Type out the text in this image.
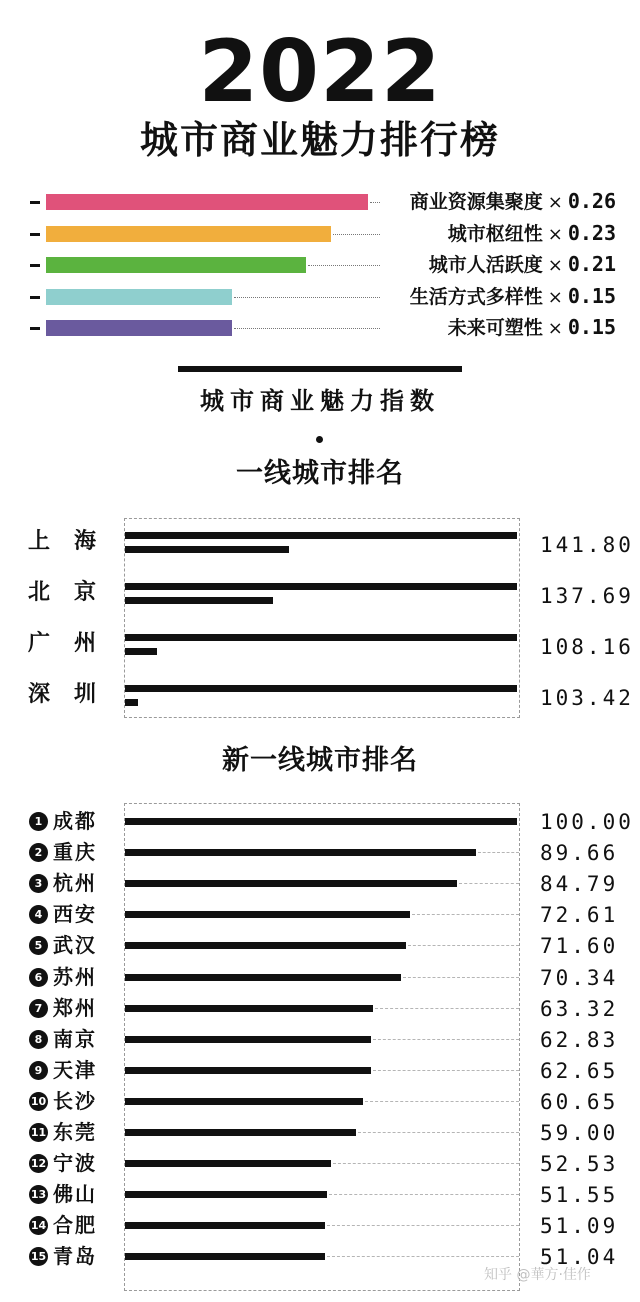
2022
城市商业魅力排行榜
商业资源集聚度 × 0.26
城市枢纽性 × 0.23
城市人活跃度 × 0.21
生活方式多样性 × 0.15
未来可塑性 × 0.15
城市商业魅力指数
一线城市排名
上　海	141.80
北　京	137.69
广　州	108.16
深　圳	103.42
新一线城市排名
1 成都	100.00
2 重庆	89.66
3 杭州	84.79
4 西安	72.61
5 武汉	71.60
6 苏州	70.34
7 郑州	63.32
8 南京	62.83
9 天津	62.65
10 长沙	60.65
11 东莞	59.00
12 宁波	52.53
13 佛山	51.55
14 合肥	51.09
15 青岛	51.04
知乎 @華方·佳作
